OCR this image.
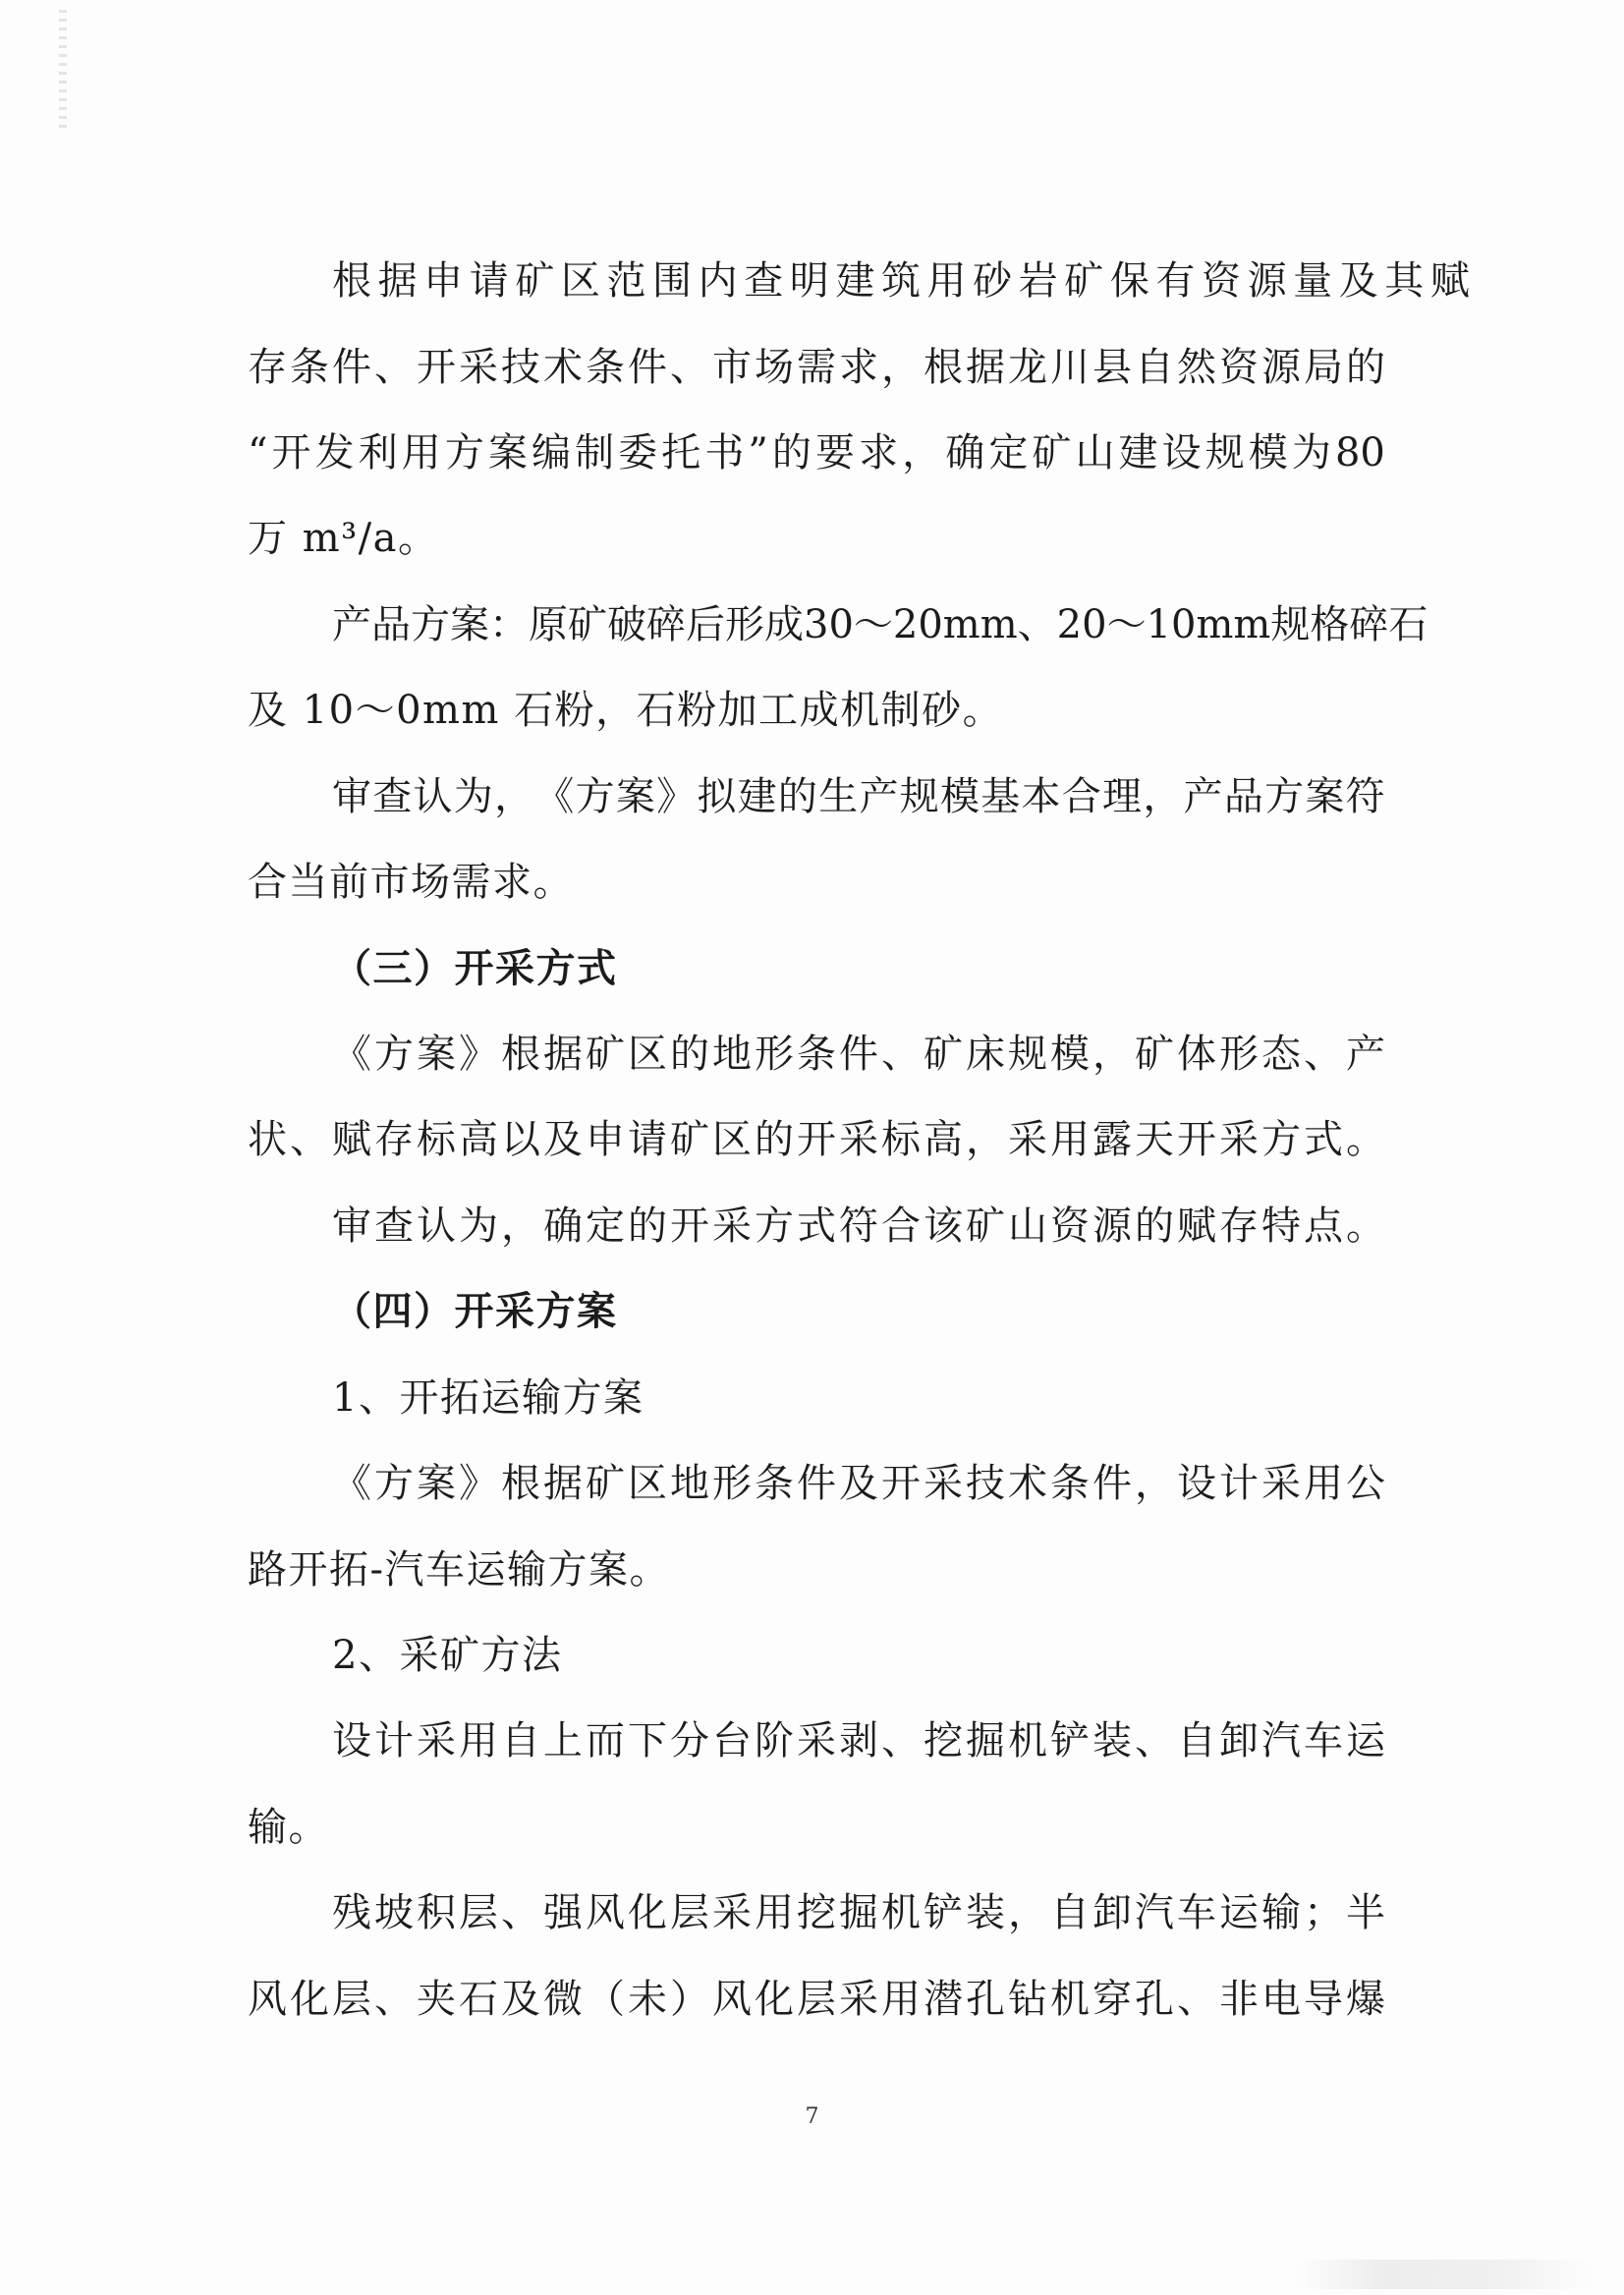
根 据 申 请 矿 区 范 围 内 查 明 建 筑 用 砂 岩 矿 保 有 资 源 量 及 其 赋
存 条 件 、 开 采 技 术 条 件 、 市 场 需 求 ， 根 据 龙 川 县 自 然 资 源 局 的
“ 开 发 利 用 方 案 编 制 委 托 书 ” 的 要 求 ， 确 定 矿 山 建 设 规 模 为 80
万 m³/a。
产 品 方 案 ： 原 矿 破 碎 后 形 成 30 ～ 20mm 、 20 ～ 10mm 规 格 碎 石
及 10～0mm 石粉，石粉加工成机制砂。
审 查 认 为 ， 《 方 案 》 拟 建 的 生 产 规 模 基 本 合 理 ， 产 品 方 案 符
合当前市场需求。
（三）开采方式
《 方 案 》 根 据 矿 区 的 地 形 条 件 、 矿 床 规 模 ， 矿 体 形 态 、 产
状 、 赋 存 标 高 以 及 申 请 矿 区 的 开 采 标 高 ， 采 用 露 天 开 采 方 式 。
审 查 认 为 ， 确 定 的 开 采 方 式 符 合 该 矿 山 资 源 的 赋 存 特 点 。
（四）开采方案
1、开拓运输方案
《 方 案 》 根 据 矿 区 地 形 条 件 及 开 采 技 术 条 件 ， 设 计 采 用 公
路开拓-汽车运输方案。
2、采矿方法
设 计 采 用 自 上 而 下 分 台 阶 采 剥 、 挖 掘 机 铲 装 、 自 卸 汽 车 运
输。
残 坡 积 层 、 强 风 化 层 采 用 挖 掘 机 铲 装 ， 自 卸 汽 车 运 输 ； 半
风 化 层 、 夹 石 及 微 （ 未 ） 风 化 层 采 用 潜 孔 钻 机 穿 孔 、 非 电 导 爆
7
